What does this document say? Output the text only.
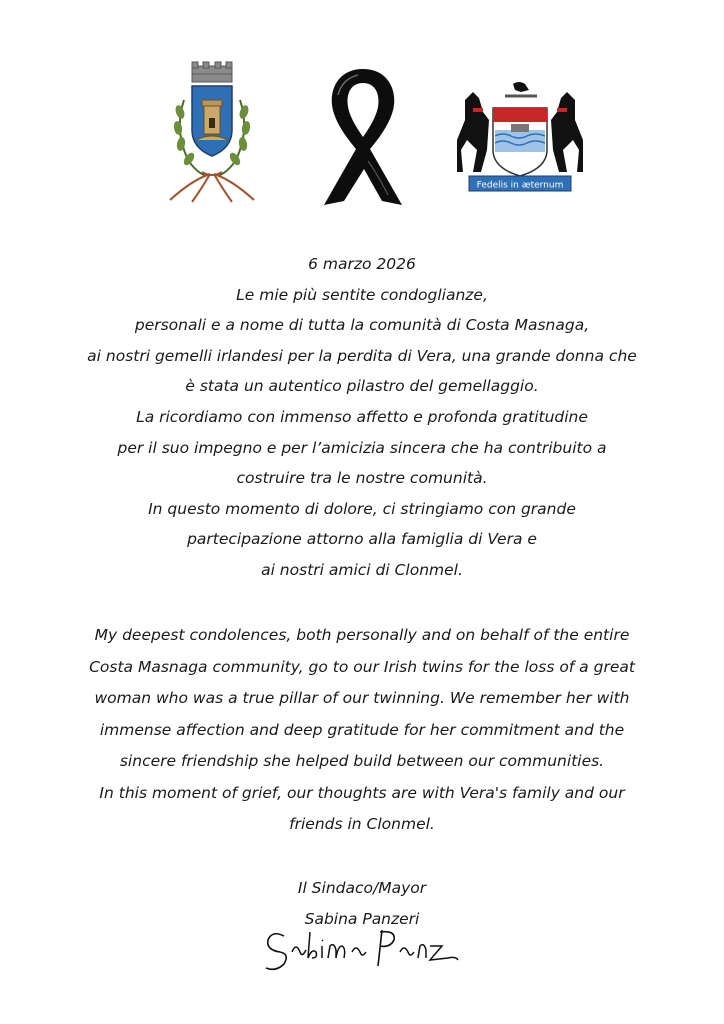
Fedelis in æternum
6 marzo 2026
Le mie più sentite condoglianze,
personali e a nome di tutta la comunità di Costa Masnaga,
ai nostri gemelli irlandesi per la perdita di Vera, una grande donna che
è stata un autentico pilastro del gemellaggio.
La ricordiamo con immenso affetto e profonda gratitudine
per il suo impegno e per l’amicizia sincera che ha contribuito a
costruire tra le nostre comunità.
In questo momento di dolore, ci stringiamo con grande
partecipazione attorno alla famiglia di Vera e
ai nostri amici di Clonmel.
My deepest condolences, both personally and on behalf of the entire
Costa Masnaga community, go to our Irish twins for the loss of a great
woman who was a true pillar of our twinning. We remember her with
immense affection and deep gratitude for her commitment and the
sincere friendship she helped build between our communities.
In this moment of grief, our thoughts are with Vera's family and our
friends in Clonmel.
Il Sindaco/Mayor
Sabina Panzeri
